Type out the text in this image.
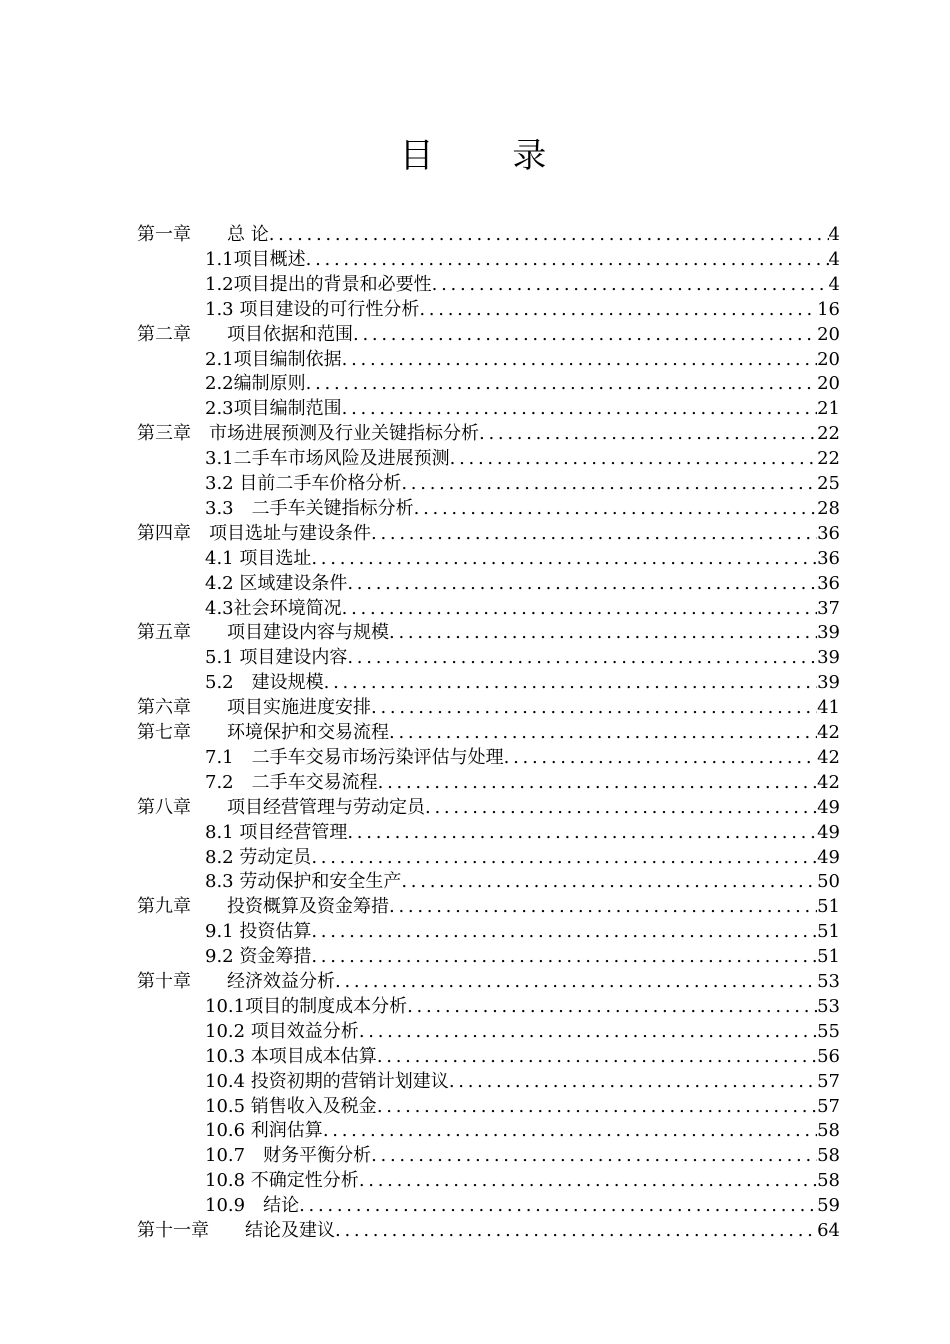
目 录
第一章　　总 论 . . .	4
1.1项目概述 . . .	4
1.2项目提出的背景和必要性 . . .	4
1.3 项目建设的可行性分析 . . .	16
第二章　　项目依据和范围 . . .	20
2.1项目编制依据 . . .	20
2.2编制原则 . . .	20
2.3项目编制范围 . . .	21
第三章　市场进展预测及行业关键指标分析 . . .	22
3.1二手车市场风险及进展预测 . . .	22
3.2 目前二手车价格分析 . . .	25
3.3　二手车关键指标分析 . . .	28
第四章　项目选址与建设条件 . . .	36
4.1 项目选址 . . .	36
4.2 区域建设条件 . . .	36
4.3社会环境简况 . . .	37
第五章　　项目建设内容与规模 . . .	39
5.1 项目建设内容 . . .	39
5.2　建设规模 . . .	39
第六章　　项目实施进度安排 . . .	41
第七章　　环境保护和交易流程 . . .	42
7.1　二手车交易市场污染评估与处理 . . .	42
7.2　二手车交易流程 . . .	42
第八章　　项目经营管理与劳动定员 . . .	49
8.1 项目经营管理 . . .	49
8.2 劳动定员 . . .	49
8.3 劳动保护和安全生产 . . .	50
第九章　　投资概算及资金筹措 . . .	51
9.1 投资估算 . . .	51
9.2 资金筹措 . . .	51
第十章　　经济效益分析 . . .	53
10.1项目的制度成本分析 . . .	53
10.2 项目效益分析 . . .	55
10.3 本项目成本估算 . . .	56
10.4 投资初期的营销计划建议 . . .	57
10.5 销售收入及税金 . . .	57
10.6 利润估算 . . .	58
10.7　财务平衡分析 . . .	58
10.8 不确定性分析 . . .	58
10.9　结论 . . .	59
第十一章　　结论及建议 . . .	64
